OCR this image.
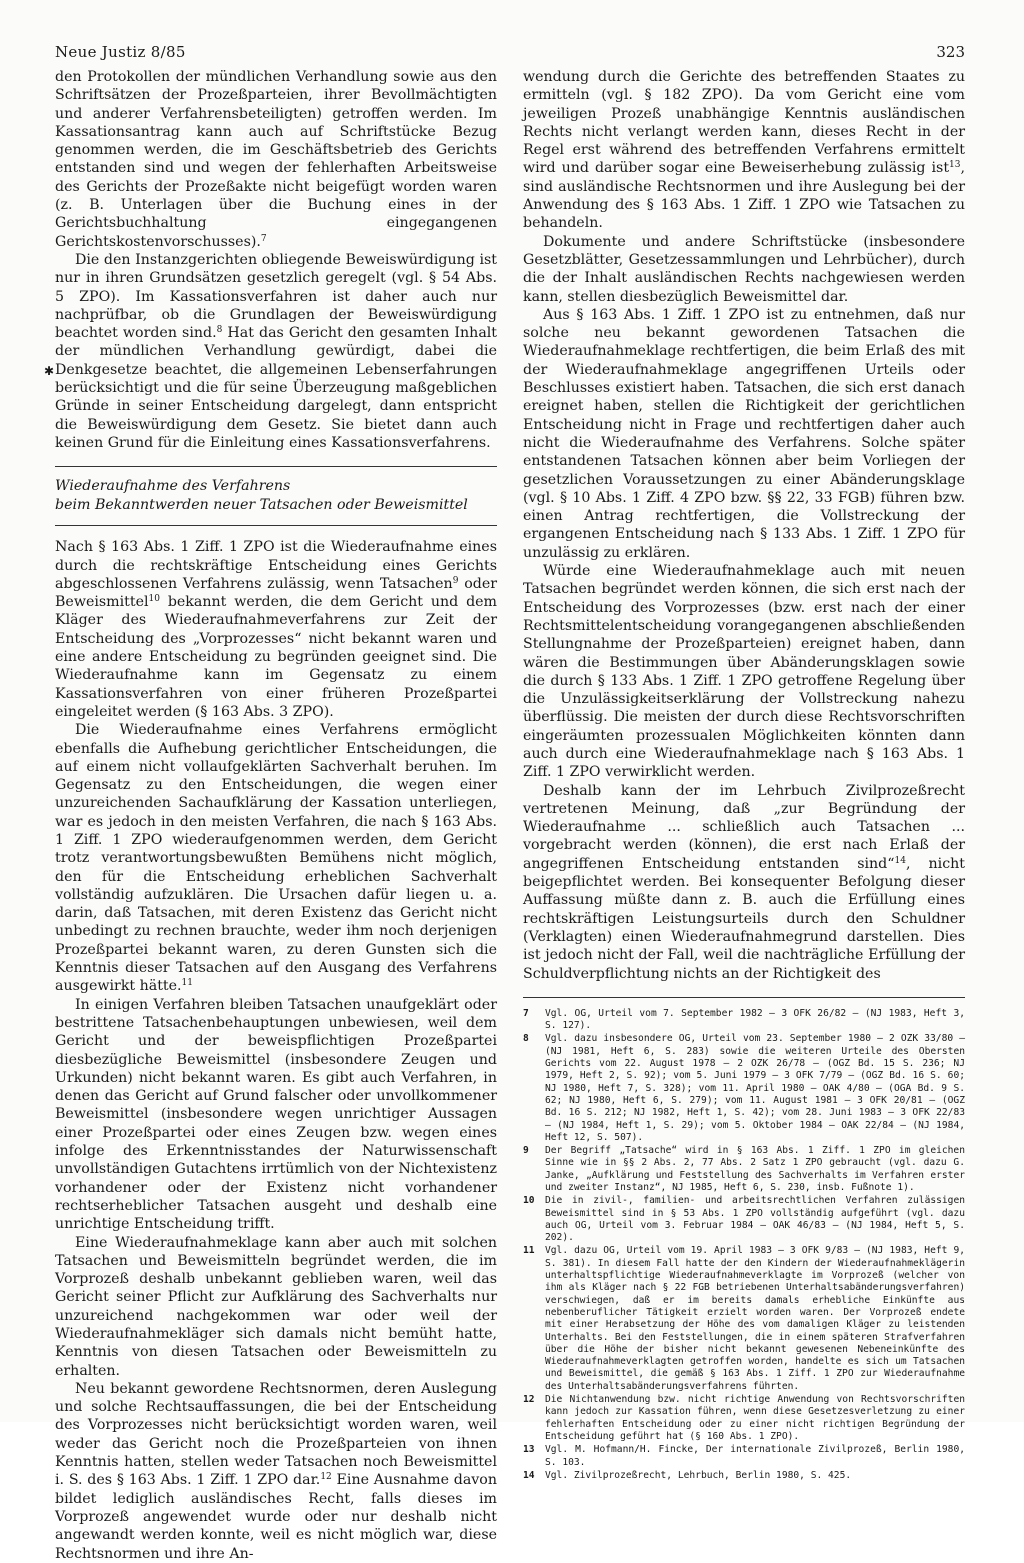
Neue Justiz 8/85	323
✱

den Protokollen der mündlichen Verhandlung sowie aus den Schriftsätzen der Prozeßparteien, ihrer Bevollmächtigten und anderer Verfahrensbeteiligten) getroffen werden. Im Kassationsantrag kann auch auf Schriftstücke Bezug genommen werden, die im Geschäftsbetrieb des Gerichts entstanden sind und wegen der fehlerhaften Arbeitsweise des Gerichts der Prozeßakte nicht beigefügt worden waren (z. B. Unterlagen über die Buchung eines in der Gerichtsbuchhaltung eingegangenen Gerichtskostenvorschusses).$^7$

Die den Instanzgerichten obliegende Beweiswürdigung ist nur in ihren Grundsätzen gesetzlich geregelt (vgl. § 54 Abs. 5 ZPO). Im Kassationsverfahren ist daher auch nur nachprüfbar, ob die Grundlagen der Beweiswürdigung beachtet worden sind.$^8$ Hat das Gericht den gesamten Inhalt der mündlichen Verhandlung gewürdigt, dabei die Denkgesetze beachtet, die allgemeinen Lebenserfahrungen berücksichtigt und die für seine Überzeugung maßgeblichen Gründe in seiner Entscheidung dargelegt, dann entspricht die Beweiswürdigung dem Gesetz. Sie bietet dann auch keinen Grund für die Einleitung eines Kassationsverfahrens.

Wiederaufnahme des Verfahrens
beim Bekanntwerden neuer Tatsachen oder Beweismittel

Nach § 163 Abs. 1 Ziff. 1 ZPO ist die Wiederaufnahme eines durch die rechtskräftige Entscheidung eines Gerichts abgeschlossenen Verfahrens zulässig, wenn Tatsachen$^9$ oder Beweismittel$^{10}$ bekannt werden, die dem Gericht und dem Kläger des Wiederaufnahmeverfahrens zur Zeit der Entscheidung des „Vorprozesses“ nicht bekannt waren und eine andere Entscheidung zu begründen geeignet sind. Die Wiederaufnahme kann im Gegensatz zu einem Kassationsverfahren von einer früheren Prozeßpartei eingeleitet werden (§ 163 Abs. 3 ZPO).

Die Wiederaufnahme eines Verfahrens ermöglicht ebenfalls die Aufhebung gerichtlicher Entscheidungen, die auf einem nicht vollaufgeklärten Sachverhalt beruhen. Im Gegensatz zu den Entscheidungen, die wegen einer unzureichenden Sachaufklärung der Kassation unterliegen, war es jedoch in den meisten Verfahren, die nach § 163 Abs. 1 Ziff. 1 ZPO wiederaufgenommen werden, dem Gericht trotz verantwortungsbewußten Bemühens nicht möglich, den für die Entscheidung erheblichen Sachverhalt vollständig aufzuklären. Die Ursachen dafür liegen u. a. darin, daß Tatsachen, mit deren Existenz das Gericht nicht unbedingt zu rechnen brauchte, weder ihm noch derjenigen Prozeßpartei bekannt waren, zu deren Gunsten sich die Kenntnis dieser Tatsachen auf den Ausgang des Verfahrens ausgewirkt hätte.$^{11}$

In einigen Verfahren bleiben Tatsachen unaufgeklärt oder bestrittene Tatsachenbehauptungen unbewiesen, weil dem Gericht und der beweispflichtigen Prozeßpartei diesbezügliche Beweismittel (insbesondere Zeugen und Urkunden) nicht bekannt waren. Es gibt auch Verfahren, in denen das Gericht auf Grund falscher oder unvollkommener Beweismittel (insbesondere wegen unrichtiger Aussagen einer Prozeßpartei oder eines Zeugen bzw. wegen eines infolge des Erkenntnisstandes der Naturwissenschaft unvollständigen Gutachtens irrtümlich von der Nichtexistenz vorhandener oder der Existenz nicht vorhandener rechtserheblicher Tatsachen ausgeht und deshalb eine unrichtige Entscheidung trifft.

Eine Wiederaufnahmeklage kann aber auch mit solchen Tatsachen und Beweismitteln begründet werden, die im Vorprozeß deshalb unbekannt geblieben waren, weil das Gericht seiner Pflicht zur Aufklärung des Sachverhalts nur unzureichend nachgekommen war oder weil der Wiederaufnahmekläger sich damals nicht bemüht hatte, Kenntnis von diesen Tatsachen oder Beweismitteln zu erhalten.

Neu bekannt gewordene Rechtsnormen, deren Auslegung und solche Rechtsauffassungen, die bei der Entscheidung des Vorprozesses nicht berücksichtigt worden waren, weil weder das Gericht noch die Prozeßparteien von ihnen Kenntnis hatten, stellen weder Tatsachen noch Beweismittel i. S. des § 163 Abs. 1 Ziff. 1 ZPO dar.$^{12}$ Eine Ausnahme davon bildet lediglich ausländisches Recht, falls dieses im Vorprozeß angewendet wurde oder nur deshalb nicht angewandt werden konnte, weil es nicht möglich war, diese Rechtsnormen und ihre An-

wendung durch die Gerichte des betreffenden Staates zu ermitteln (vgl. § 182 ZPO). Da vom Gericht eine vom jeweiligen Prozeß unabhängige Kenntnis ausländischen Rechts nicht verlangt werden kann, dieses Recht in der Regel erst während des betreffenden Verfahrens ermittelt wird und darüber sogar eine Beweiserhebung zulässig ist$^{13}$, sind ausländische Rechtsnormen und ihre Auslegung bei der Anwendung des § 163 Abs. 1 Ziff. 1 ZPO wie Tatsachen zu behandeln.

Dokumente und andere Schriftstücke (insbesondere Gesetzblätter, Gesetzessammlungen und Lehrbücher), durch die der Inhalt ausländischen Rechts nachgewiesen werden kann, stellen diesbezüglich Beweismittel dar.

Aus § 163 Abs. 1 Ziff. 1 ZPO ist zu entnehmen, daß nur solche neu bekannt gewordenen Tatsachen die Wiederaufnahmeklage rechtfertigen, die beim Erlaß des mit der Wiederaufnahmeklage angegriffenen Urteils oder Beschlusses existiert haben. Tatsachen, die sich erst danach ereignet haben, stellen die Richtigkeit der gerichtlichen Entscheidung nicht in Frage und rechtfertigen daher auch nicht die Wiederaufnahme des Verfahrens. Solche später entstandenen Tatsachen können aber beim Vorliegen der gesetzlichen Voraussetzungen zu einer Abänderungsklage (vgl. § 10 Abs. 1 Ziff. 4 ZPO bzw. §§ 22, 33 FGB) führen bzw. einen Antrag rechtfertigen, die Vollstreckung der ergangenen Entscheidung nach § 133 Abs. 1 Ziff. 1 ZPO für unzulässig zu erklären.

Würde eine Wiederaufnahmeklage auch mit neuen Tatsachen begründet werden können, die sich erst nach der Entscheidung des Vorprozesses (bzw. erst nach der einer Rechtsmittelentscheidung vorangegangenen abschließenden Stellungnahme der Prozeßparteien) ereignet haben, dann wären die Bestimmungen über Abänderungsklagen sowie die durch § 133 Abs. 1 Ziff. 1 ZPO getroffene Regelung über die Unzulässigkeitserklärung der Vollstreckung nahezu überflüssig. Die meisten der durch diese Rechtsvorschriften eingeräumten prozessualen Möglichkeiten könnten dann auch durch eine Wiederaufnahmeklage nach § 163 Abs. 1 Ziff. 1 ZPO verwirklicht werden.

Deshalb kann der im Lehrbuch Zivilprozeßrecht vertretenen Meinung, daß „zur Begründung der Wiederaufnahme ... schließlich auch Tatsachen ... vorgebracht werden (können), die erst nach Erlaß der angegriffenen Entscheidung entstanden sind“$^{14}$, nicht beigepflichtet werden. Bei konsequenter Befolgung dieser Auffassung müßte dann z. B. auch die Erfüllung eines rechtskräftigen Leistungsurteils durch den Schuldner (Verklagten) einen Wiederaufnahmegrund darstellen. Dies ist jedoch nicht der Fall, weil die nachträgliche Erfüllung der Schuldverpflichtung nichts an der Richtigkeit des

7	Vgl. OG, Urteil vom 7. September 1982 — 3 OFK 26/82 — (NJ 1983, Heft 3, S. 127).
8	Vgl. dazu insbesondere OG, Urteil vom 23. September 1980 — 2 OZK 33/80 — (NJ 1981, Heft 6, S. 283) sowie die weiteren Urteile des Obersten Gerichts vom 22. August 1978 — 2 OZK 26/78 — (OGZ Bd. 15 S. 236; NJ 1979, Heft 2, S. 92); vom 5. Juni 1979 — 3 OFK 7/79 — (OGZ Bd. 16 S. 60; NJ 1980, Heft 7, S. 328); vom 11. April 1980 — OAK 4/80 — (OGA Bd. 9 S. 62; NJ 1980, Heft 6, S. 279); vom 11. August 1981 — 3 OFK 20/81 — (OGZ Bd. 16 S. 212; NJ 1982, Heft 1, S. 42); vom 28. Juni 1983 — 3 OFK 22/83 — (NJ 1984, Heft 1, S. 29); vom 5. Oktober 1984 — OAK 22/84 — (NJ 1984, Heft 12, S. 507).
9	Der Begriff „Tatsache“ wird in § 163 Abs. 1 Ziff. 1 ZPO im gleichen Sinne wie in §§ 2 Abs. 2, 77 Abs. 2 Satz 1 ZPO gebraucht (vgl. dazu G. Janke, „Aufklärung und Feststellung des Sachverhalts im Verfahren erster und zweiter Instanz“, NJ 1985, Heft 6, S. 230, insb. Fußnote 1).
10	Die in zivil-, familien- und arbeitsrechtlichen Verfahren zulässigen Beweismittel sind in § 53 Abs. 1 ZPO vollständig aufgeführt (vgl. dazu auch OG, Urteil vom 3. Februar 1984 — OAK 46/83 — (NJ 1984, Heft 5, S. 202).
11	Vgl. dazu OG, Urteil vom 19. April 1983 — 3 OFK 9/83 — (NJ 1983, Heft 9, S. 381). In diesem Fall hatte der den Kindern der Wiederaufnahmeklägerin unterhaltspflichtige Wiederaufnahmeverklagte im Vorprozeß (welcher von ihm als Kläger nach § 22 FGB betriebenen Unterhaltsabänderungsverfahren) verschwiegen, daß er im bereits damals erhebliche Einkünfte aus nebenberuflicher Tätigkeit erzielt worden waren. Der Vorprozeß endete mit einer Herabsetzung der Höhe des vom damaligen Kläger zu leistenden Unterhalts. Bei den Feststellungen, die in einem späteren Strafverfahren über die Höhe der bisher nicht bekannt gewesenen Nebeneinkünfte des Wiederaufnahmeverklagten getroffen worden, handelte es sich um Tatsachen und Beweismittel, die gemäß § 163 Abs. 1 Ziff. 1 ZPO zur Wiederaufnahme des Unterhaltsabänderungsverfahrens führten.
12	Die Nichtanwendung bzw. nicht richtige Anwendung von Rechtsvorschriften kann jedoch zur Kassation führen, wenn diese Gesetzesverletzung zu einer fehlerhaften Entscheidung oder zu einer nicht richtigen Begründung der Entscheidung geführt hat (§ 160 Abs. 1 ZPO).
13	Vgl. M. Hofmann/H. Fincke, Der internationale Zivilprozeß, Berlin 1980, S. 103.
14	Vgl. Zivilprozeßrecht, Lehrbuch, Berlin 1980, S. 425.
